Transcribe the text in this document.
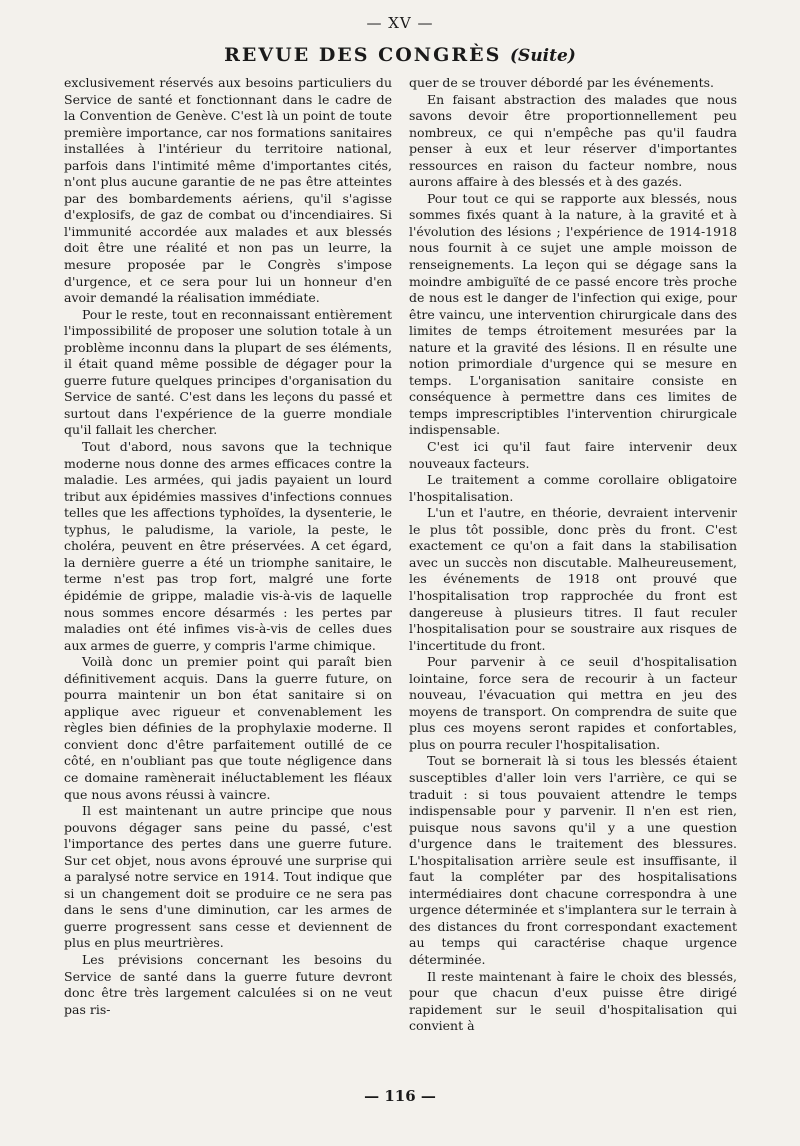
— XV —
REVUE DES CONGRÈS (Suite)

exclusivement réservés aux besoins particuliers du Service de santé et fonctionnant dans le cadre de la Convention de Genève. C'est là un point de toute première importance, car nos formations sanitaires installées à l'intérieur du territoire national, parfois dans l'intimité même d'importantes cités, n'ont plus aucune garantie de ne pas être atteintes par des bombardements aériens, qu'il s'agisse d'explosifs, de gaz de combat ou d'incendiaires. Si l'immunité accordée aux malades et aux blessés doit être une réalité et non pas un leurre, la mesure proposée par le Congrès s'impose d'urgence, et ce sera pour lui un honneur d'en avoir demandé la réalisation immédiate.

Pour le reste, tout en reconnaissant entièrement l'impossibilité de proposer une solution totale à un problème inconnu dans la plupart de ses éléments, il était quand même possible de dégager pour la guerre future quelques principes d'organisation du Service de santé. C'est dans les leçons du passé et surtout dans l'expérience de la guerre mondiale qu'il fallait les chercher.

Tout d'abord, nous savons que la technique moderne nous donne des armes efficaces contre la maladie. Les armées, qui jadis payaient un lourd tribut aux épidémies massives d'infections connues telles que les affections typhoïdes, la dysenterie, le typhus, le paludisme, la variole, la peste, le choléra, peuvent en être préservées. A cet égard, la dernière guerre a été un triomphe sanitaire, le terme n'est pas trop fort, malgré une forte épidémie de grippe, maladie vis-à-vis de laquelle nous sommes encore désarmés : les pertes par maladies ont été infimes vis-à-vis de celles dues aux armes de guerre, y compris l'arme chimique.

Voilà donc un premier point qui paraît bien définitivement acquis. Dans la guerre future, on pourra maintenir un bon état sanitaire si on applique avec rigueur et convenablement les règles bien définies de la prophylaxie moderne. Il convient donc d'être parfaitement outillé de ce côté, en n'oubliant pas que toute négligence dans ce domaine ramènerait inéluctablement les fléaux que nous avons réussi à vaincre.

Il est maintenant un autre principe que nous pouvons dégager sans peine du passé, c'est l'importance des pertes dans une guerre future. Sur cet objet, nous avons éprouvé une surprise qui a paralysé notre service en 1914. Tout indique que si un changement doit se produire ce ne sera pas dans le sens d'une diminution, car les armes de guerre progressent sans cesse et deviennent de plus en plus meurtrières.

Les prévisions concernant les besoins du Service de santé dans la guerre future devront donc être très largement calculées si on ne veut pas ris-

quer de se trouver débordé par les événements.

En faisant abstraction des malades que nous savons devoir être proportionnellement peu nombreux, ce qui n'empêche pas qu'il faudra penser à eux et leur réserver d'importantes ressources en raison du facteur nombre, nous aurons affaire à des blessés et à des gazés.

Pour tout ce qui se rapporte aux blessés, nous sommes fixés quant à la nature, à la gravité et à l'évolution des lésions ; l'expérience de 1914-1918 nous fournit à ce sujet une ample moisson de renseignements. La leçon qui se dégage sans la moindre ambiguïté de ce passé encore très proche de nous est le danger de l'infection qui exige, pour être vaincu, une intervention chirurgicale dans des limites de temps étroitement mesurées par la nature et la gravité des lésions. Il en résulte une notion primordiale d'urgence qui se mesure en temps. L'organisation sanitaire consiste en conséquence à permettre dans ces limites de temps imprescriptibles l'intervention chirurgicale indispensable.

C'est ici qu'il faut faire intervenir deux nouveaux facteurs.

Le traitement a comme corollaire obligatoire l'hospitalisation.

L'un et l'autre, en théorie, devraient intervenir le plus tôt possible, donc près du front. C'est exactement ce qu'on a fait dans la stabilisation avec un succès non discutable. Malheureusement, les événements de 1918 ont prouvé que l'hospitalisation trop rapprochée du front est dangereuse à plusieurs titres. Il faut reculer l'hospitalisation pour se soustraire aux risques de l'incertitude du front.

Pour parvenir à ce seuil d'hospitalisation lointaine, force sera de recourir à un facteur nouveau, l'évacuation qui mettra en jeu des moyens de transport. On comprendra de suite que plus ces moyens seront rapides et confortables, plus on pourra reculer l'hospitalisation.

Tout se bornerait là si tous les blessés étaient susceptibles d'aller loin vers l'arrière, ce qui se traduit : si tous pouvaient attendre le temps indispensable pour y parvenir. Il n'en est rien, puisque nous savons qu'il y a une question d'urgence dans le traitement des blessures. L'hospitalisation arrière seule est insuffisante, il faut la compléter par des hospitalisations intermédiaires dont chacune correspondra à une urgence déterminée et s'implantera sur le terrain à des distances du front correspondant exactement au temps qui caractérise chaque urgence déterminée.

Il reste maintenant à faire le choix des blessés, pour que chacun d'eux puisse être dirigé rapidement sur le seuil d'hospitalisation qui convient à

— 116 —
